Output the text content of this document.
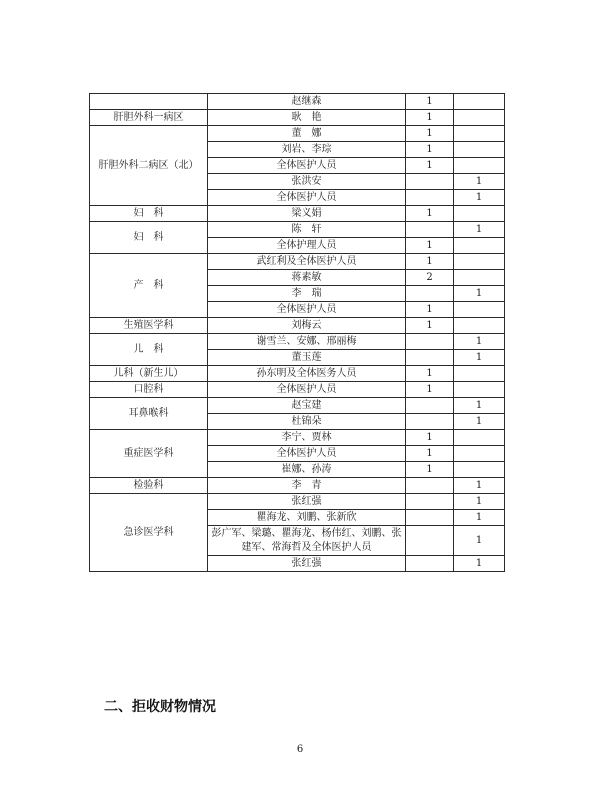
	赵继森	1	
肝胆外科一病区	耿　艳	1	
肝胆外科二病区（北）	董　娜	1	
	刘岩、李琮	1	
	全体医护人员	1	
	张洪安		1
	全体医护人员		1
妇　科	梁义娟	1	
妇　科	陈　轩		1
	全体护理人员	1	
产　科	武红利及全体医护人员	1	
	蒋素敏	2	
	李　瑞		1
	全体医护人员	1	
生殖医学科	刘梅云	1	
儿　科	谢雪兰、安娜、邢丽梅		1
	董玉莲		1
儿科（新生儿）	孙东明及全体医务人员	1	
口腔科	全体医护人员	1	
耳鼻喉科	赵宝建		1
	杜锦朵		1
重症医学科	李宁、贾林	1	
	全体医护人员	1	
	崔娜、孙涛	1	
检验科	李　青		1
急诊医学科	张红强		1
	瞿海龙、刘鹏、张新欣		1
	彭广军、梁璐、瞿海龙、杨伟红、刘鹏、张建军、常海哲及全体医护人员		1
	张红强		1
二、拒收财物情况
6
